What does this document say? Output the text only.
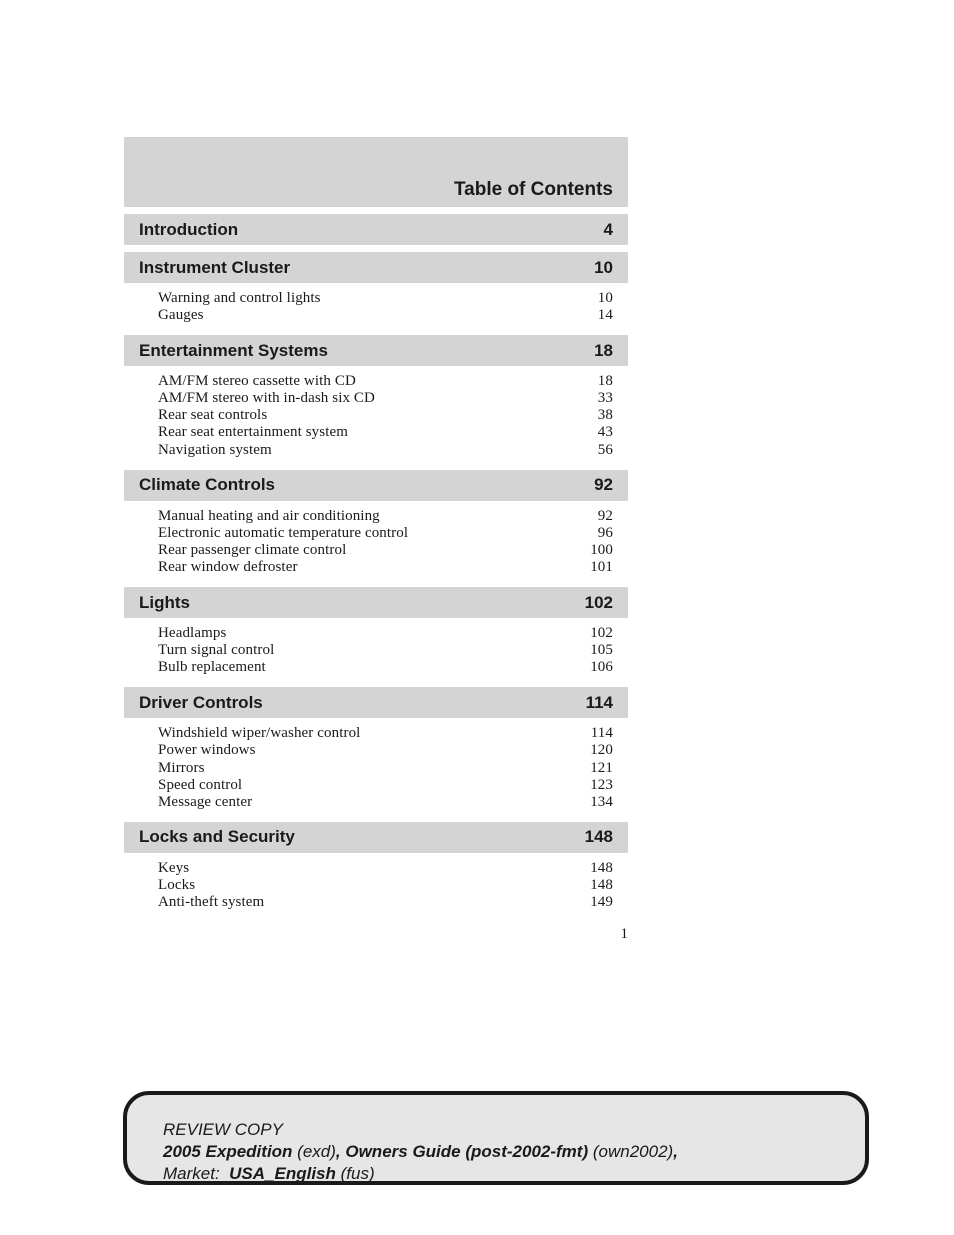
Table of Contents
Introduction	4
Instrument Cluster	10
Warning and control lights	10
Gauges	14
Entertainment Systems	18
AM/FM stereo cassette with CD	18
AM/FM stereo with in-dash six CD	33
Rear seat controls	38
Rear seat entertainment system	43
Navigation system	56
Climate Controls	92
Manual heating and air conditioning	92
Electronic automatic temperature control	96
Rear passenger climate control	100
Rear window defroster	101
Lights	102
Headlamps	102
Turn signal control	105
Bulb replacement	106
Driver Controls	114
Windshield wiper/washer control	114
Power windows	120
Mirrors	121
Speed control	123
Message center	134
Locks and Security	148
Keys	148
Locks	148
Anti-theft system	149
1
REVIEW COPY
2005 Expedition (exd), Owners Guide (post-2002-fmt) (own2002),
Market: USA_English (fus)
